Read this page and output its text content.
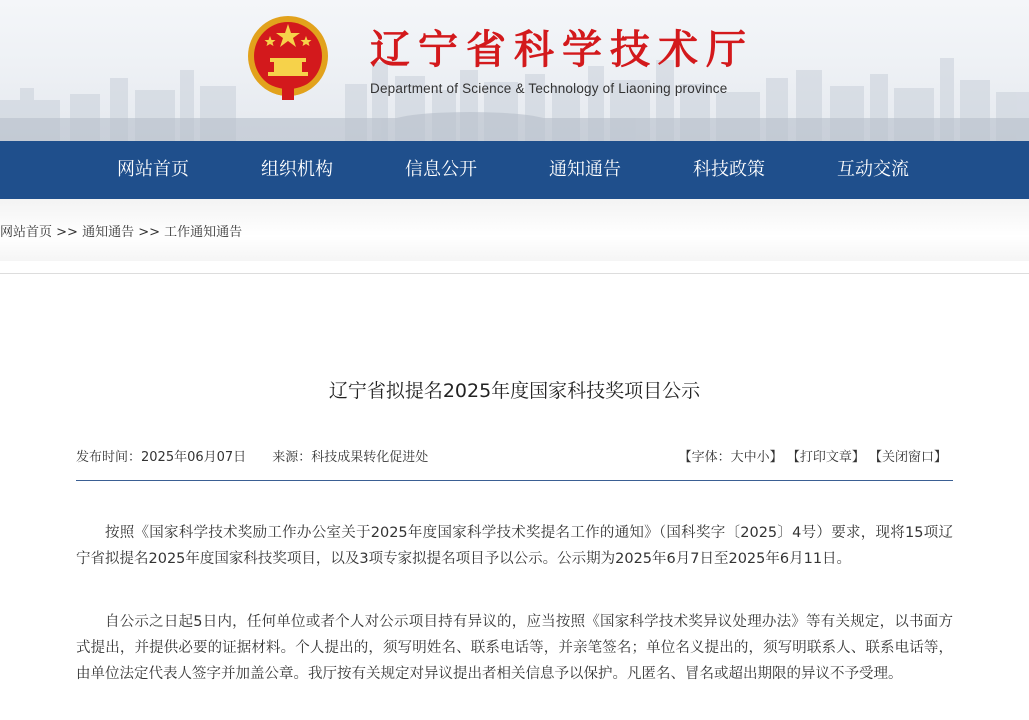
辽宁省科学技术厅
Department of Science & Technology of Liaoning province
网站首页	组织机构	信息公开	通知通告	科技政策	互动交流
网站首页 >> 通知通告 >> 工作通知通告
辽宁省拟提名2025年度国家科技奖项目公示
发布时间：2025年06月07日 来源：科技成果转化促进处	【字体：大中小】 【打印文章】 【关闭窗口】

按照《国家科学技术奖励工作办公室关于2025年度国家科学技术奖提名工作的通知》（国科奖字〔2025〕4号）要求，现将15项辽宁省拟提名2025年度国家科技奖项目，以及3项专家拟提名项目予以公示。公示期为2025年6月7日至2025年6月11日。

自公示之日起5日内，任何单位或者个人对公示项目持有异议的，应当按照《国家科学技术奖异议处理办法》等有关规定，以书面方式提出，并提供必要的证据材料。个人提出的，须写明姓名、联系电话等，并亲笔签名；单位名义提出的，须写明联系人、联系电话等，由单位法定代表人签字并加盖公章。我厅按有关规定对异议提出者相关信息予以保护。凡匿名、冒名或超出期限的异议不予受理。
